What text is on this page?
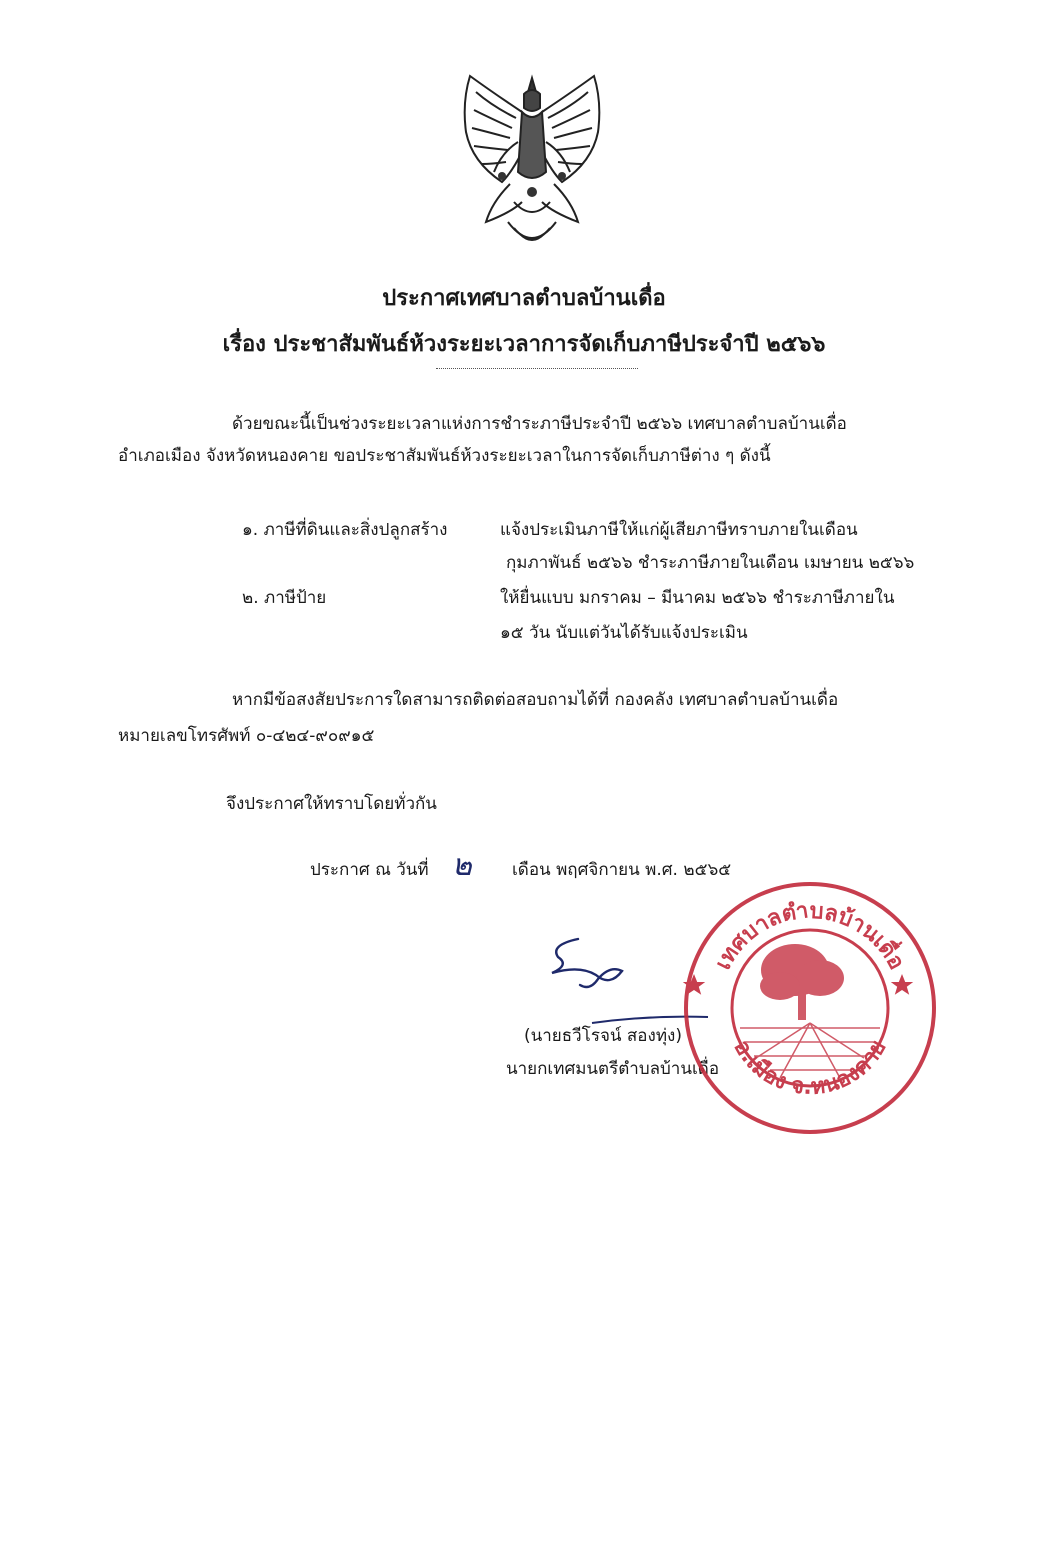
ประกาศเทศบาลตำบลบ้านเดื่อ
เรื่อง ประชาสัมพันธ์ห้วงระยะเวลาการจัดเก็บภาษีประจำปี ๒๕๖๖
ด้วยขณะนี้เป็นช่วงระยะเวลาแห่งการชำระภาษีประจำปี ๒๕๖๖ เทศบาลตำบลบ้านเดื่อ
อำเภอเมือง จังหวัดหนองคาย ขอประชาสัมพันธ์ห้วงระยะเวลาในการจัดเก็บภาษีต่าง ๆ ดังนี้
๑. ภาษีที่ดินและสิ่งปลูกสร้าง	แจ้งประเมินภาษีให้แก่ผู้เสียภาษีทราบภายในเดือน
กุมภาพันธ์ ๒๕๖๖ ชำระภาษีภายในเดือน เมษายน ๒๕๖๖
๒. ภาษีป้าย	ให้ยื่นแบบ มกราคม – มีนาคม ๒๕๖๖ ชำระภาษีภายใน
๑๕ วัน นับแต่วันได้รับแจ้งประเมิน
หากมีข้อสงสัยประการใดสามารถติดต่อสอบถามได้ที่ กองคลัง เทศบาลตำบลบ้านเดื่อ
หมายเลขโทรศัพท์ ๐-๔๒๔-๙๐๙๑๕
จึงประกาศให้ทราบโดยทั่วกัน
ประกาศ ณ วันที่ ๒ เดือน พฤศจิกายน พ.ศ. ๒๕๖๕
(นายธวีโรจน์ สองทุ่ง)
นายกเทศมนตรีตำบลบ้านเดื่อ
เทศบาลตำบลบ้านเดื่อ
อ.เมือง จ.หนองคาย
